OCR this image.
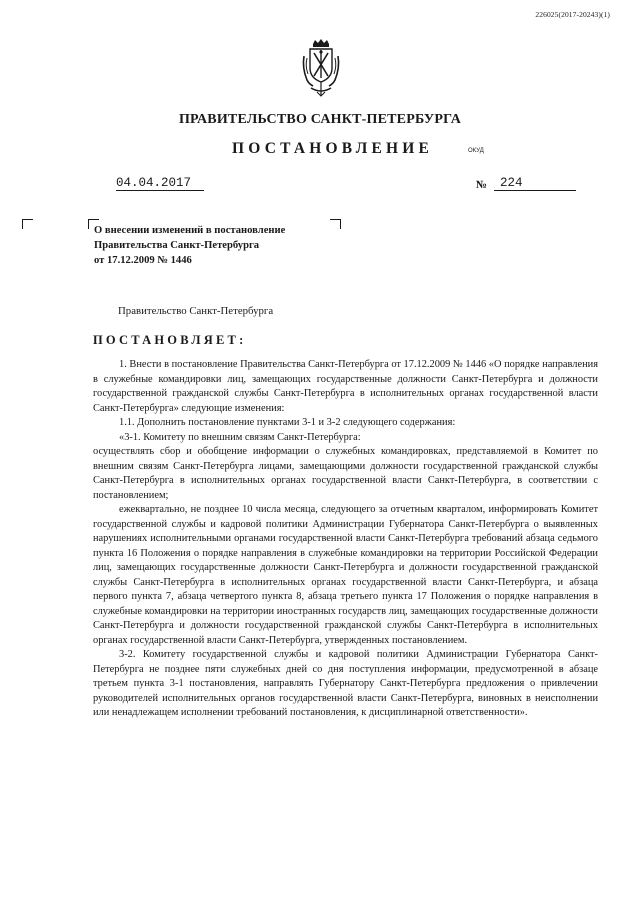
226025(2017-20243)(1)
ПРАВИТЕЛЬСТВО САНКТ-ПЕТЕРБУРГА
ПОСТАНОВЛЕНИЕ	ОКУД
04.04.2017	№	224
О внесении изменений в постановление
Правительства Санкт-Петербурга
от 17.12.2009 № 1446
Правительство Санкт-Петербурга
ПОСТАНОВЛЯЕТ:

1. Внести в постановление Правительства Санкт-Петербурга от 17.12.2009 № 1446 «О порядке направления в служебные командировки лиц, замещающих государственные должности Санкт-Петербурга и должности государственной гражданской службы Санкт-Петербурга в исполнительных органах государственной власти Санкт-Петербурга» следующие изменения:

1.1. Дополнить постановление пунктами 3-1 и 3-2 следующего содержания:

«3-1. Комитету по внешним связям Санкт-Петербурга:

осуществлять сбор и обобщение информации о служебных командировках, представляемой в Комитет по внешним связям Санкт-Петербурга лицами, замещающими должности государственной гражданской службы Санкт-Петербурга в исполнительных органах государственной власти Санкт-Петербурга, в соответствии с постановлением;

ежеквартально, не позднее 10 числа месяца, следующего за отчетным кварталом, информировать Комитет государственной службы и кадровой политики Администрации Губернатора Санкт-Петербурга о выявленных нарушениях исполнительными органами государственной власти Санкт-Петербурга требований абзаца седьмого пункта 16 Положения о порядке направления в служебные командировки на территории Российской Федерации лиц, замещающих государственные должности Санкт-Петербурга и должности государственной гражданской службы Санкт-Петербурга в исполнительных органах государственной власти Санкт-Петербурга, и абзаца первого пункта 7, абзаца четвертого пункта 8, абзаца третьего пункта 17 Положения о порядке направления в служебные командировки на территории иностранных государств лиц, замещающих государственные должности Санкт-Петербурга и должности государственной гражданской службы Санкт-Петербурга в исполнительных органах государственной власти Санкт-Петербурга, утвержденных постановлением.

3-2. Комитету государственной службы и кадровой политики Администрации Губернатора Санкт-Петербурга не позднее пяти служебных дней со дня поступления информации, предусмотренной в абзаце третьем пункта 3-1 постановления, направлять Губернатору Санкт-Петербурга предложения о привлечении руководителей исполнительных органов государственной власти Санкт-Петербурга, виновных в неисполнении или ненадлежащем исполнении требований постановления, к дисциплинарной ответственности».
